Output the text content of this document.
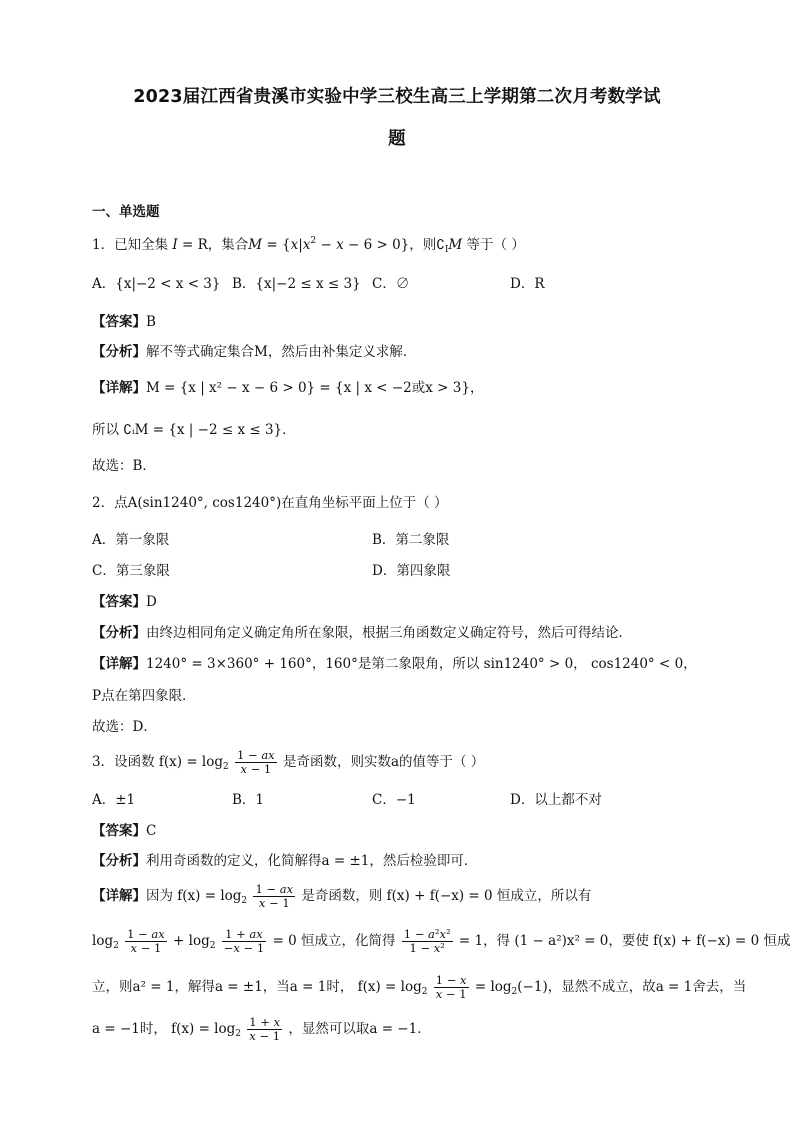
2023届江西省贵溪市实验中学三校生高三上学期第二次月考数学试
题
一、单选题
1．已知全集 I = R，集合$M = \{x|x^2 - x - 6 > 0\}$，则$∁_IM$ 等于（ ）
A．{x|−2 < x < 3} B．{x|−2 ≤ x ≤ 3} C．∅	D．R
【答案】B
【分析】解不等式确定集合M，然后由补集定义求解．
【详解】M = {x | x² − x − 6 > 0} = {x | x < −2或x > 3}，
所以 ∁ᵢM = {x | −2 ≤ x ≤ 3}．
故选：B．
2．点A(sin1240°, cos1240°)在直角坐标平面上位于（ ）
A．第一象限	B．第二象限
C．第三象限	D．第四象限
【答案】D
【分析】由终边相同角定义确定角所在象限，根据三角函数定义确定符号，然后可得结论．
【详解】1240° = 3×360° + 160°，160°是第二象限角，所以 sin1240° > 0， cos1240° < 0，
P点在第四象限．
故选：D．
3．设函数 $f(x) = \log_2 \frac{1 - ax}{x - 1}$ 是奇函数，则实数a的值等于（ ）
A．±1	B．1	C．−1	D．以上都不对
【答案】C
【分析】利用奇函数的定义，化简解得a = ±1，然后检验即可．
【详解】因为 $f(x) = \log_2 \frac{1 - ax}{x - 1}$ 是奇函数，则 f(x) + f(−x) = 0 恒成立，所以有
$\log_2 \frac{1 - ax}{x - 1} + \log_2 \frac{1 + ax}{-x - 1} = 0$ 恒成立，化简得 $\frac{\text{1 − a²x²}}{\text{1 − x²}} = 1$，得 (1 − a²)x² = 0，要使 f(x) + f(−x) = 0 恒成
立，则a² = 1，解得a = ±1，当a = 1时， $f(x) = \log_2 \frac{1 - x}{x - 1} = \log_2(-1)$，显然不成立，故a = 1舍去，当
a = −1时， $f(x) = \log_2 \frac{1 + x}{x - 1}$ ，显然可以取a = −1．
